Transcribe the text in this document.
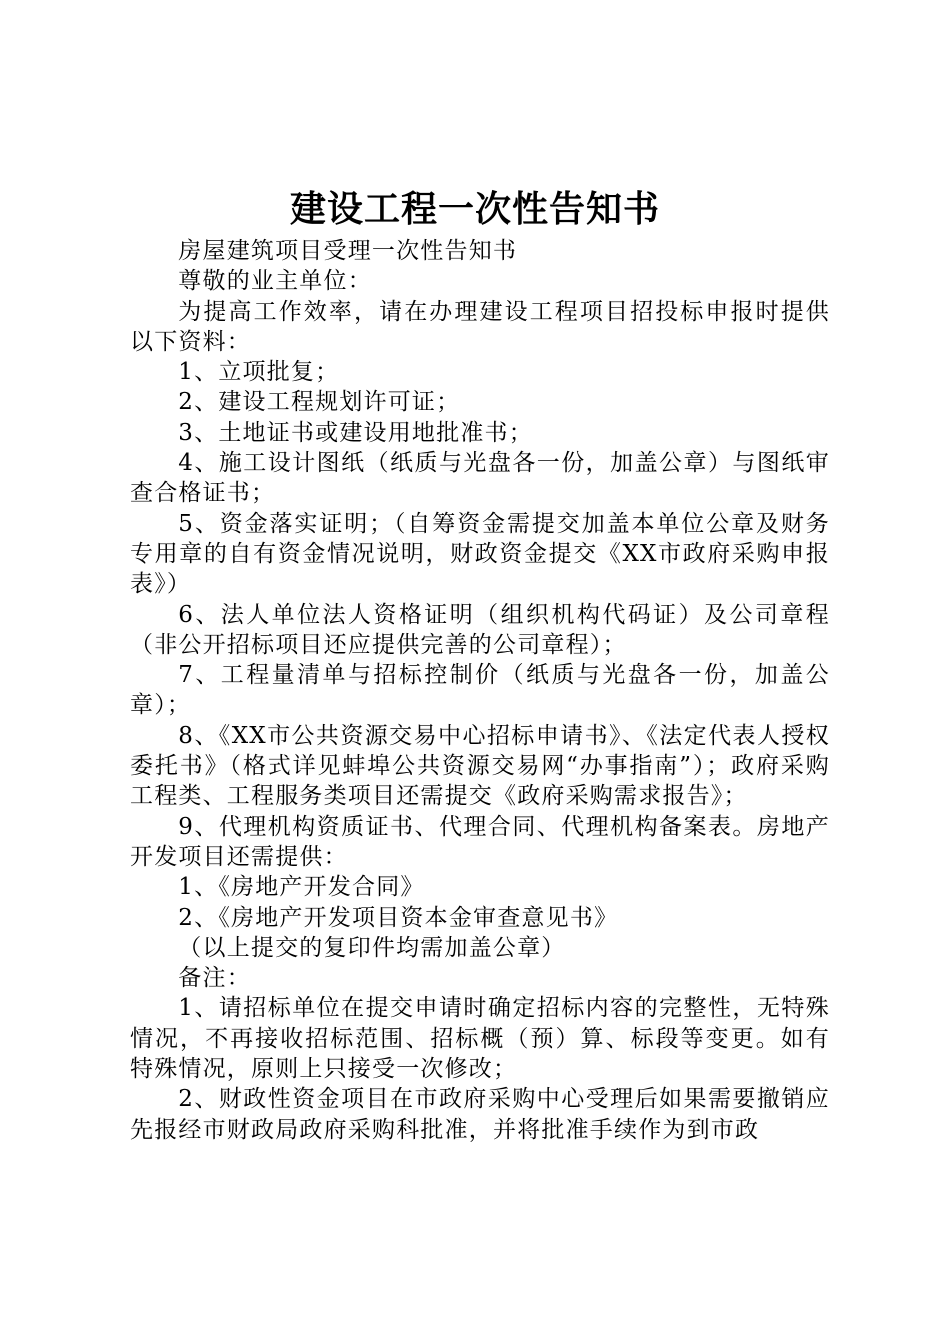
建设工程一次性告知书

房屋建筑项目受理一次性告知书

尊敬的业主单位：

为提高工作效率，请在办理建设工程项目招投标申报时提供以下资料：

1、立项批复；

2、建设工程规划许可证；

3、土地证书或建设用地批准书；

4、施工设计图纸（纸质与光盘各一份，加盖公章）与图纸审查合格证书；

5、资金落实证明；（自筹资金需提交加盖本单位公章及财务专用章的自有资金情况说明，财政资金提交《XX市政府采购申报表》）

6、法人单位法人资格证明（组织机构代码证）及公司章程（非公开招标项目还应提供完善的公司章程）；

7、工程量清单与招标控制价（纸质与光盘各一份，加盖公章）；

8、《XX市公共资源交易中心招标申请书》、《法定代表人授权委托书》（格式详见蚌埠公共资源交易网“办事指南”）；政府采购工程类、工程服务类项目还需提交《政府采购需求报告》；

9、代理机构资质证书、代理合同、代理机构备案表。房地产开发项目还需提供：

1、《房地产开发合同》

2、《房地产开发项目资本金审查意见书》

（以上提交的复印件均需加盖公章）

备注：

1、请招标单位在提交申请时确定招标内容的完整性，无特殊情况，不再接收招标范围、招标概（预）算、标段等变更。如有特殊情况，原则上只接受一次修改；

2、财政性资金项目在市政府采购中心受理后如果需要撤销应先报经市财政局政府采购科批准，并将批准手续作为到市政
